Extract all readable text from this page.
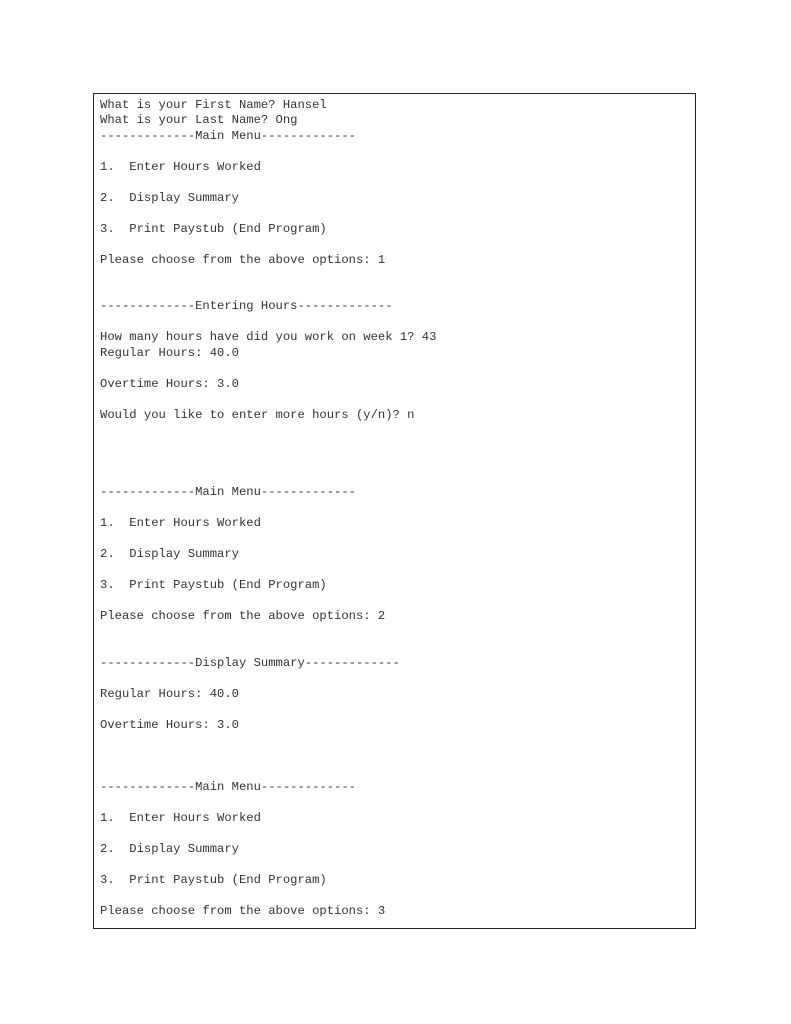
What is your First Name? Hansel
What is your Last Name? Ong
-------------Main Menu-------------
1.  Enter Hours Worked
2.  Display Summary
3.  Print Paystub (End Program)
Please choose from the above options: 1
-------------Entering Hours-------------
How many hours have did you work on week 1? 43
Regular Hours: 40.0
Overtime Hours: 3.0
Would you like to enter more hours (y/n)? n
-------------Main Menu-------------
1.  Enter Hours Worked
2.  Display Summary
3.  Print Paystub (End Program)
Please choose from the above options: 2
-------------Display Summary-------------
Regular Hours: 40.0
Overtime Hours: 3.0
-------------Main Menu-------------
1.  Enter Hours Worked
2.  Display Summary
3.  Print Paystub (End Program)
Please choose from the above options: 3
